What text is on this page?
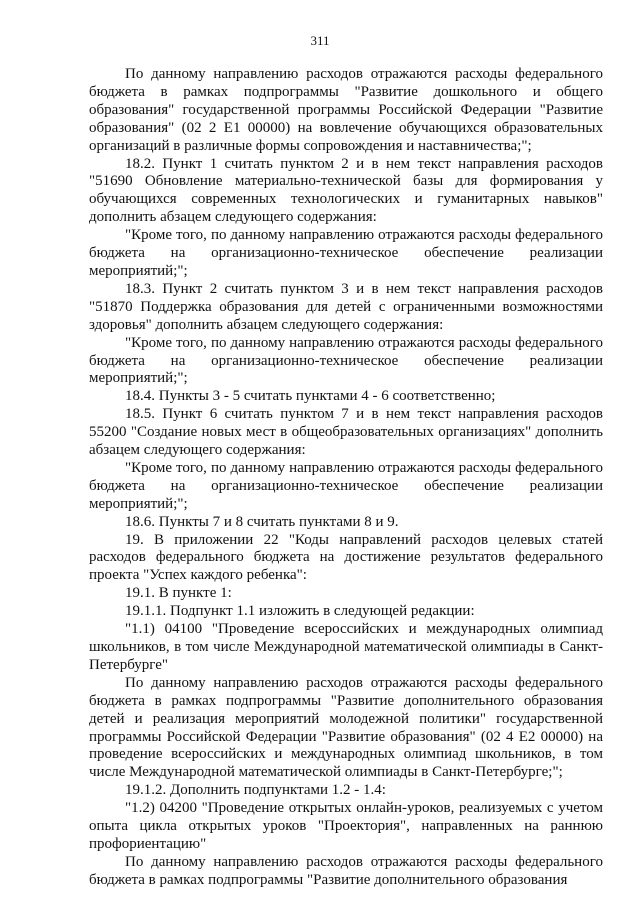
311

По данному направлению расходов отражаются расходы федерального бюджета в рамках подпрограммы "Развитие дошкольного и общего образования" государственной программы Российской Федерации "Развитие образования" (02 2 E1 00000) на вовлечение обучающихся образовательных организаций в различные формы сопровождения и наставничества;";

18.2. Пункт 1 считать пунктом 2 и в нем текст направления расходов "51690 Обновление материально-технической базы для формирования у обучающихся современных технологических и гуманитарных навыков" дополнить абзацем следующего содержания:

"Кроме того, по данному направлению отражаются расходы федерального бюджета на организационно-техническое обеспечение реализации мероприятий;";

18.3. Пункт 2 считать пунктом 3 и в нем текст направления расходов "51870 Поддержка образования для детей с ограниченными возможностями здоровья" дополнить абзацем следующего содержания:

"Кроме того, по данному направлению отражаются расходы федерального бюджета на организационно-техническое обеспечение реализации мероприятий;";

18.4. Пункты 3 - 5 считать пунктами 4 - 6 соответственно;

18.5. Пункт 6 считать пунктом 7 и в нем текст направления расходов 55200 "Создание новых мест в общеобразовательных организациях" дополнить абзацем следующего содержания:

"Кроме того, по данному направлению отражаются расходы федерального бюджета на организационно-техническое обеспечение реализации мероприятий;";

18.6. Пункты 7 и 8 считать пунктами 8 и 9.

19. В приложении 22 "Коды направлений расходов целевых статей расходов федерального бюджета на достижение результатов федерального проекта "Успех каждого ребенка":

19.1. В пункте 1:

19.1.1. Подпункт 1.1 изложить в следующей редакции:

"1.1) 04100 "Проведение всероссийских и международных олимпиад школьников, в том числе Международной математической олимпиады в Санкт-Петербурге"

По данному направлению расходов отражаются расходы федерального бюджета в рамках подпрограммы "Развитие дополнительного образования детей и реализация мероприятий молодежной политики" государственной программы Российской Федерации "Развитие образования" (02 4 E2 00000) на проведение всероссийских и международных олимпиад школьников, в том числе Международной математической олимпиады в Санкт-Петербурге;";

19.1.2. Дополнить подпунктами 1.2 - 1.4:

"1.2) 04200 "Проведение открытых онлайн-уроков, реализуемых с учетом опыта цикла открытых уроков "Проектория", направленных на раннюю профориентацию"

По данному направлению расходов отражаются расходы федерального бюджета в рамках подпрограммы "Развитие дополнительного образования
